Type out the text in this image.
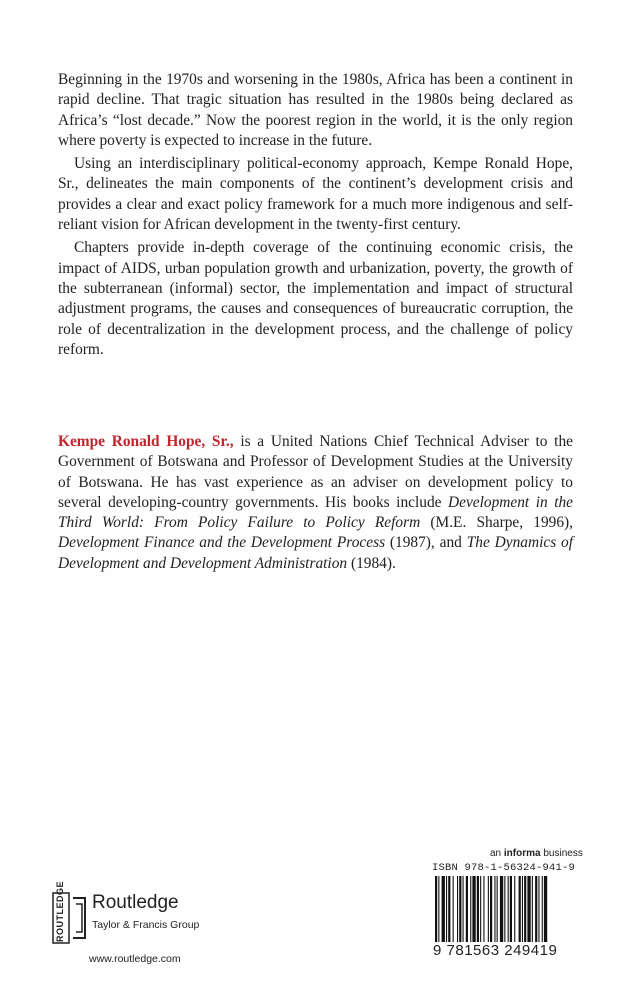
Beginning in the 1970s and worsening in the 1980s, Africa has been a continent in rapid decline. That tragic situation has resulted in the 1980s being declared as Africa’s “lost decade.” Now the poorest region in the world, it is the only region where poverty is expected to increase in the future.

Using an interdisciplinary political-economy approach, Kempe Ronald Hope, Sr., delineates the main components of the continent’s development crisis and provides a clear and exact policy framework for a much more indigenous and self-reliant vision for African development in the twenty-first century.

Chapters provide in-depth coverage of the continuing economic crisis, the impact of AIDS, urban population growth and urbanization, poverty, the growth of the subterranean (informal) sector, the implementation and impact of structural adjustment programs, the causes and consequences of bureaucratic corruption, the role of decentralization in the development process, and the challenge of policy reform.

Kempe Ronald Hope, Sr., is a United Nations Chief Technical Adviser to the Government of Botswana and Professor of Development Studies at the University of Botswana. He has vast experience as an adviser on development policy to several developing-country governments. His books include Development in the Third World: From Policy Failure to Policy Reform (M.E. Sharpe, 1996), Development Finance and the Development Process (1987), and The Dynamics of Development and Development Administration (1984).

ROUTLEDGE Routledge
Taylor & Francis Group
www.routledge.com
an informa business
ISBN 978-1-56324-941-9
9 781563 249419
